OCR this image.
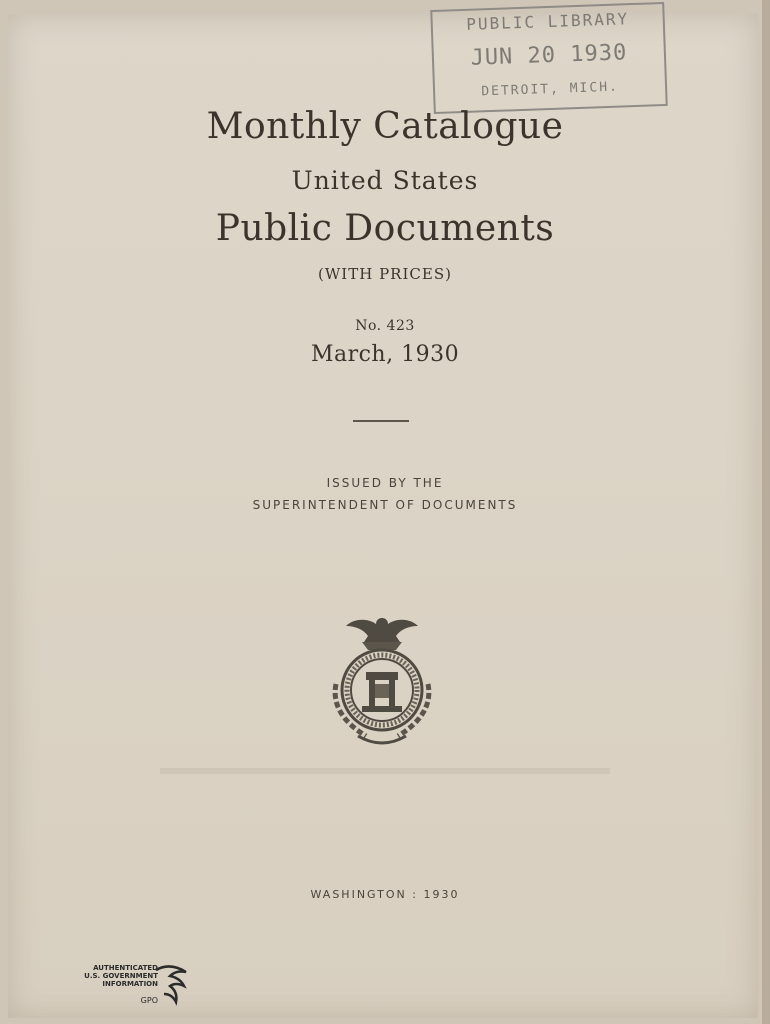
PUBLIC LIBRARY
JUN 20 1930
DETROIT, MICH.
Monthly Catalogue
United States
Public Documents
(WITH PRICES)
No. 423
March, 1930
ISSUED BY THE
SUPERINTENDENT OF DOCUMENTS
WASHINGTON : 1930
AUTHENTICATED
U.S. GOVERNMENT
INFORMATION
GPO
